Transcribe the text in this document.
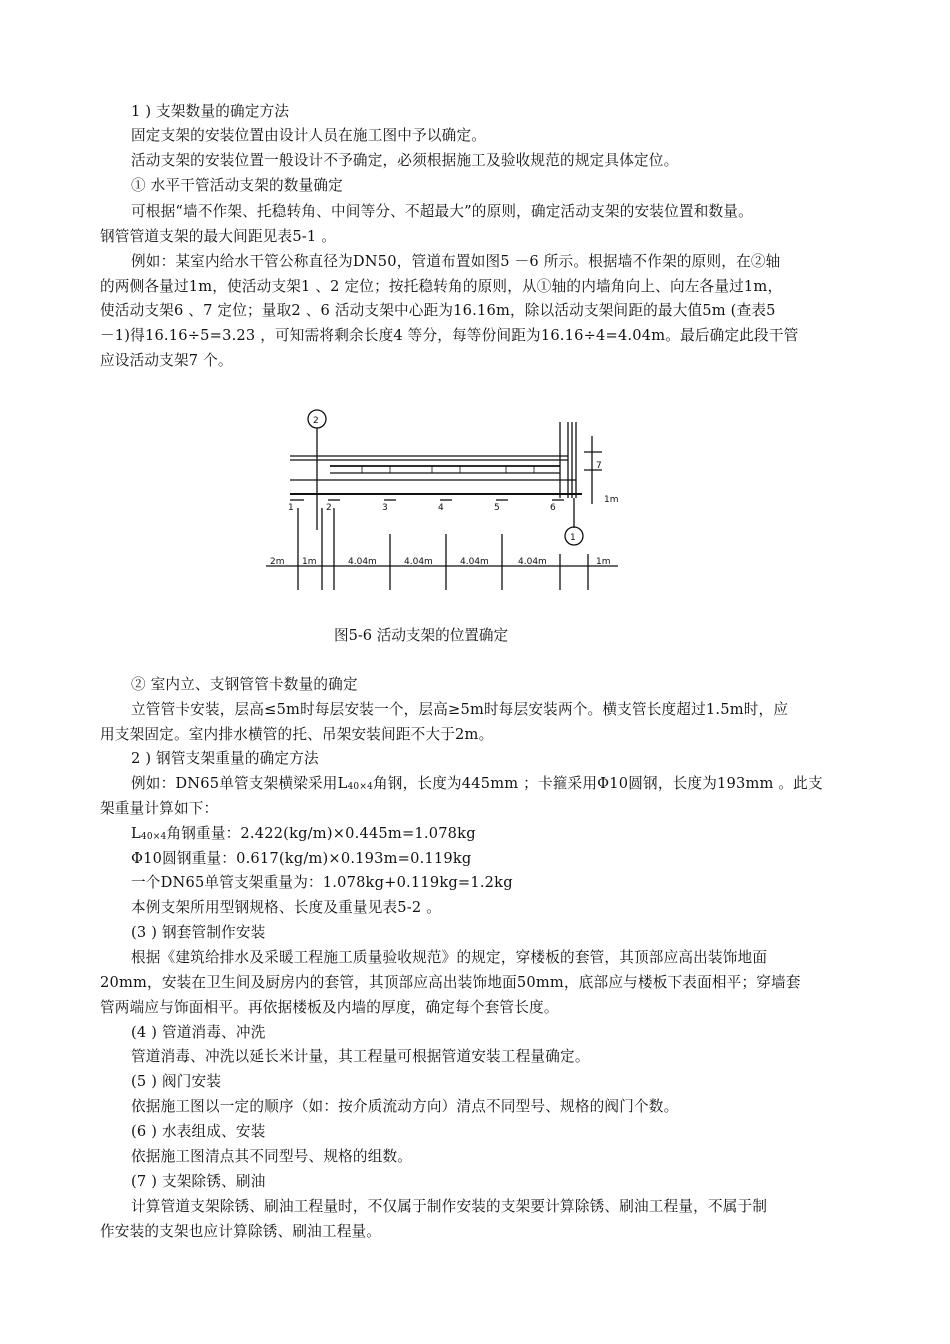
1 ) 支架数量的确定方法
固定支架的安装位置由设计人员在施工图中予以确定。
活动支架的安装位置一般设计不予确定，必须根据施工及验收规范的规定具体定位。
① 水平干管活动支架的数量确定
可根据“墙不作架、托稳转角、中间等分、不超最大”的原则，确定活动支架的安装位置和数量。
钢管管道支架的最大间距见表5-1 。
例如：某室内给水干管公称直径为DN50，管道布置如图5 －6 所示。根据墙不作架的原则，在②轴
的两侧各量过1m，使活动支架1 、2 定位；按托稳转角的原则，从①轴的内墙角向上、向左各量过1m，
使活动支架6 、7 定位；量取2 、6 活动支架中心距为16.16m，除以活动支架间距的最大值5m (查表5
－1)得16.16÷5=3.23 ，可知需将剩余长度4 等分，每等份间距为16.16÷4=4.04m。最后确定此段干管
应设活动支架7 个。
2
1
1	2	3	4	5	6
7
1m
2m 1m	4.04m	4.04m	4.04m	4.04m	1m
图5-6 活动支架的位置确定
② 室内立、支钢管管卡数量的确定
立管管卡安装，层高≤5m时每层安装一个，层高≥5m时每层安装两个。横支管长度超过1.5m时，应
用支架固定。室内排水横管的托、吊架安装间距不大于2m。
2 ) 钢管支架重量的确定方法
例如：DN65单管支架横梁采用L40×4角钢，长度为445mm ；卡箍采用Φ10圆钢，长度为193mm 。此支
架重量计算如下：
L40×4角钢重量：2.422(kg/m)×0.445m=1.078kg
Φ10圆钢重量：0.617(kg/m)×0.193m=0.119kg
一个DN65单管支架重量为：1.078kg+0.119kg=1.2kg
本例支架所用型钢规格、长度及重量见表5-2 。
(3 ) 钢套管制作安装
根据《建筑给排水及采暖工程施工质量验收规范》的规定，穿楼板的套管，其顶部应高出装饰地面
20mm，安装在卫生间及厨房内的套管，其顶部应高出装饰地面50mm，底部应与楼板下表面相平；穿墙套
管两端应与饰面相平。再依据楼板及内墙的厚度，确定每个套管长度。
(4 ) 管道消毒、冲洗
管道消毒、冲洗以延长米计量，其工程量可根据管道安装工程量确定。
(5 ) 阀门安装
依据施工图以一定的顺序（如：按介质流动方向）清点不同型号、规格的阀门个数。
(6 ) 水表组成、安装
依据施工图清点其不同型号、规格的组数。
(7 ) 支架除锈、刷油
计算管道支架除锈、刷油工程量时，不仅属于制作安装的支架要计算除锈、刷油工程量，不属于制
作安装的支架也应计算除锈、刷油工程量。
